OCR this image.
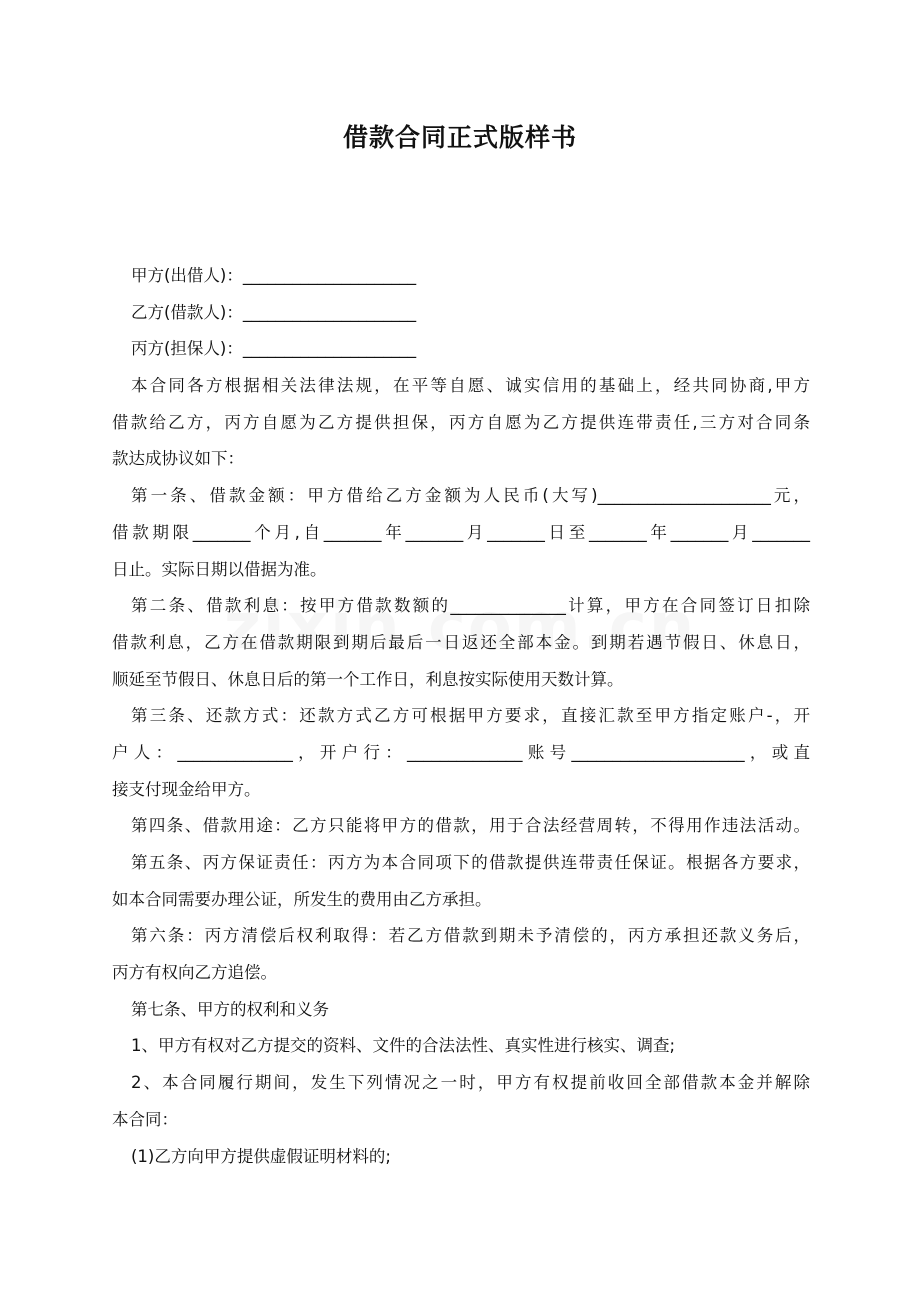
借款合同正式版样书
甲方(出借人)：_____________________
乙方(借款人)：_____________________
丙方(担保人)：_____________________
本合同各方根据相关法律法规，在平等自愿、诚实信用的基础上，经共同协商,甲方
借款给乙方，丙方自愿为乙方提供担保，丙方自愿为乙方提供连带责任,三方对合同条
款达成协议如下：
第一条、借款金额：甲方借给乙方金额为人民币(大写)_____________________元，
借款期限_______个月,自_______年_______月_______日至_______年_______月_______
日止。实际日期以借据为准。
第二条、借款利息：按甲方借款数额的______________计算，甲方在合同签订日扣除
借款利息，乙方在借款期限到期后最后一日返还全部本金。到期若遇节假日、休息日，
顺延至节假日、休息日后的第一个工作日，利息按实际使用天数计算。
第三条、还款方式：还款方式乙方可根据甲方要求，直接汇款至甲方指定账户-，开
户人：______________，开户行：______________账号_____________________，或直
接支付现金给甲方。
第四条、借款用途：乙方只能将甲方的借款，用于合法经营周转，不得用作违法活动。
第五条、丙方保证责任：丙方为本合同项下的借款提供连带责任保证。根据各方要求，
如本合同需要办理公证，所发生的费用由乙方承担。
第六条：丙方清偿后权利取得：若乙方借款到期未予清偿的，丙方承担还款义务后，
丙方有权向乙方追偿。
第七条、甲方的权利和义务
1、甲方有权对乙方提交的资料、文件的合法法性、真实性进行核实、调查;
2、本合同履行期间，发生下列情况之一时，甲方有权提前收回全部借款本金并解除
本合同：
(1)乙方向甲方提供虚假证明材料的;
